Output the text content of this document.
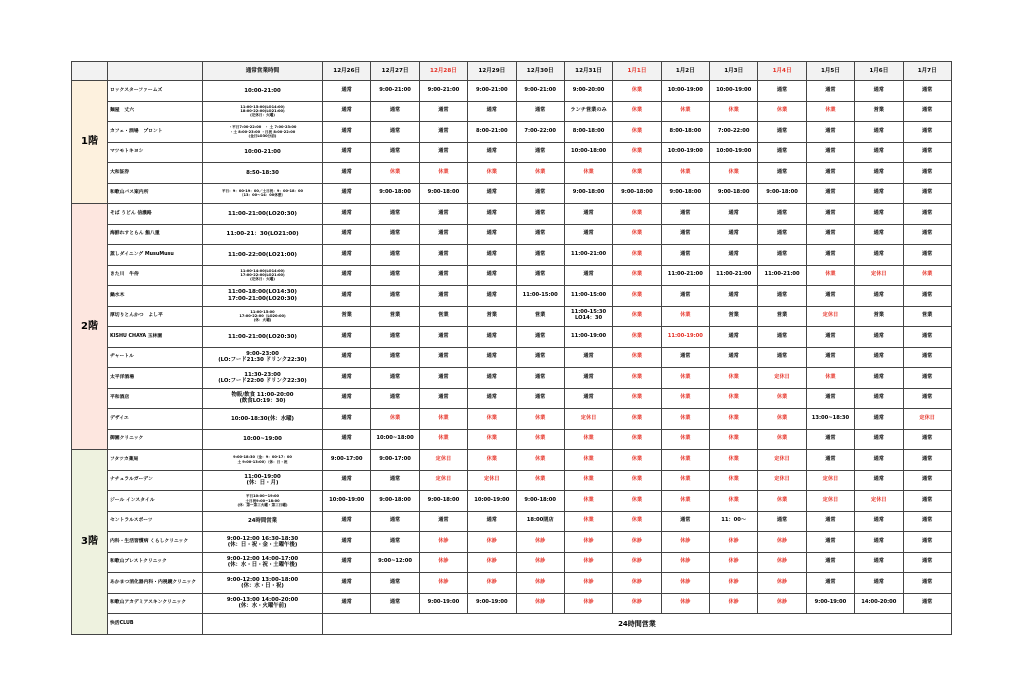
		通常営業時間	12月26日	12月27日	12月28日	12月29日	12月30日	12月31日	1月1日	1月2日	1月3日	1月4日	1月5日	1月6日	1月7日
1階	ロックスターファームズ	10:00-21:00	通常	9:00-21:00	9:00-21:00	9:00-21:00	9:00-21:00	9:00-20:00	休業	10:00-19:00	10:00-19:00	通常	通常	通常	通常
	麺屋　丈六	11:00-15:00(LO14:00)
18:00-22:00(LO21:00)
(定休日：火曜)	通常	通常	通常	通常	通常	ランチ営業のみ	休業	休業	休業	休業	休業	営業	通常
	カフェ・酒場　プロント	・平日7:00-22:00　・ 土 7:00-23:00
・土 8:00-23:00 ・日祝 8:00-22:00
(金日LO30分前)	通常	通常	通常	8:00-21:00	7:00-22:00	8:00-18:00	休業	8:00-18:00	7:00-22:00	通常	通常	通常	通常
	マツモトキヨシ	10:00-21:00	通常	通常	通常	通常	通常	10:00-18:00	休業	10:00-19:00	10:00-19:00	通常	通常	通常	通常
	大和証券	8:50-18:30	通常	休業	休業	休業	休業	休業	休業	休業	休業	通常	通常	通常	通常
	和歌山バス案内所	平日：9：00-19：00／土日祝：9：00-18：00
（13：00～14：00休憩）	通常	9:00-18:00	9:00-18:00	通常	通常	9:00-18:00	9:00-18:00	9:00-18:00	9:00-18:00	9:00-18:00	通常	通常	通常
2階	そば うどん 信濃路	11:00-21:00(LO20:30)	通常	通常	通常	通常	通常	通常	休業	通常	通常	通常	通常	通常	通常
	海鮮れすとらん 鮨八重	11:00-21：30(LO21:00)	通常	通常	通常	通常	通常	通常	休業	通常	通常	通常	通常	通常	通常
	蒸しダイニング MusuMusu	11:00-22:00(LO21:00)	通常	通常	通常	通常	通常	11:00-21:00	休業	通常	通常	通常	通常	通常	通常
	きた川　牛侍	11:00-14:00(LO14:00)
17:00-22:00(LO21:00)
(定休日：火曜)	通常	通常	通常	通常	通常	通常	休業	11:00-21:00	11:00-21:00	11:00-21:00	休業	定休日	休業
	鍋水木	11:00-18:00(LO14:30)
17:00-21:00(LO20:30)	通常	通常	通常	通常	11:00-15:00	11:00-15:00	休業	通常	通常	通常	通常	通常	通常
	厚切りとんかつ　よし平	11:00-15:00
17:00-22:00（LO20:00)
(休：火曜)	営業	営業	営業	営業	営業	11:00-15:30
LO14：30	休業	休業	営業	営業	定休日	営業	営業
	KISHU CHAYA 玉林園	11:00-21:00(LO20:30)	通常	通常	通常	通常	通常	11:00-19:00	休業	11:00-19:00	通常	通常	通常	通常	通常
	ヂャートル	9:00-23:00
(LO:フード21:30 ドリンク22:30)	通常	通常	通常	通常	通常	通常	休業	通常	通常	通常	通常	通常	通常
	太平洋酒場	11:30-23:00
(LO:フード22:00 ドリンク22:30)	通常	通常	通常	通常	通常	通常	休業	休業	休業	定休日	休業	通常	通常
	平和酒店	物販/飲食 11:00-20:00
(飲食LO:19：30)	通常	通常	通常	通常	通常	通常	休業	休業	休業	休業	通常	通常	通常
	デザイエ	10:00-18:30(休：水曜)	通常	休業	休業	休業	休業	定休日	休業	休業	休業	休業	13:00~18:30	通常	定休日
	御園クリニック	10:00~19:00	通常	10:00~18:00	休業	休業	休業	休業	休業	休業	休業	休業	通常	通常	通常
3階	フタツカ薬局	9:00-18:30（金：9：00-17：00
土 9:00-13:00）（休：日・祝	9:00-17:00	9:00-17:00	定休日	休業	休業	休業	休業	休業	休業	定休日	通常	通常	通常
	ナチュラルガーデン	11:00-19:00
(休：日・月)	通常	通常	定休日	定休日	休業	休業	休業	休業	休業	定休日	定休日	通常	通常
	ジール インスタイル	平日10:00~19:00
土日祝9:00~18:00
(休：第一第三火曜・第三日曜)	10:00-19:00	9:00-18:00	9:00-18:00	10:00-19:00	9:00-18:00	休業	休業	休業	休業	休業	定休日	定休日	通常
	セントラルスポーツ	24時間営業	通常	通常	通常	通常	18:00閉店	休業	休業	通常	11：00～	通常	通常	通常	通常
	内科・生活習慣病 くらしクリニック	9:00-12:00 16:30-18:30
(休：日・祝・金・土曜午後)	通常	通常	休診	休診	休診	休診	休診	休診	休診	休診	通常	通常	通常
	和歌山ブレストクリニック	9:00-12:00 14:00-17:00
(休：水・日・祝・土曜午後)	通常	9:00~12:00	休診	休診	休診	休診	休診	休診	休診	休診	通常	通常	通常
	あかまつ消化器内科・内視鏡クリニック	9:00-12:00 13:00-18:00
(休：水・日・祝)	通常	通常	休診	休診	休診	休診	休診	休診	休診	休診	通常	通常	通常
	和歌山アカデミアスキンクリニック	9:00-13:00 14:00-20:00
(休：水・火曜午前)	通常	通常	9:00-19:00	9:00-19:00	休診	休診	休診	休診	休診	休診	9:00-19:00	14:00-20:00	通常
	快活CLUB		24時間営業												
